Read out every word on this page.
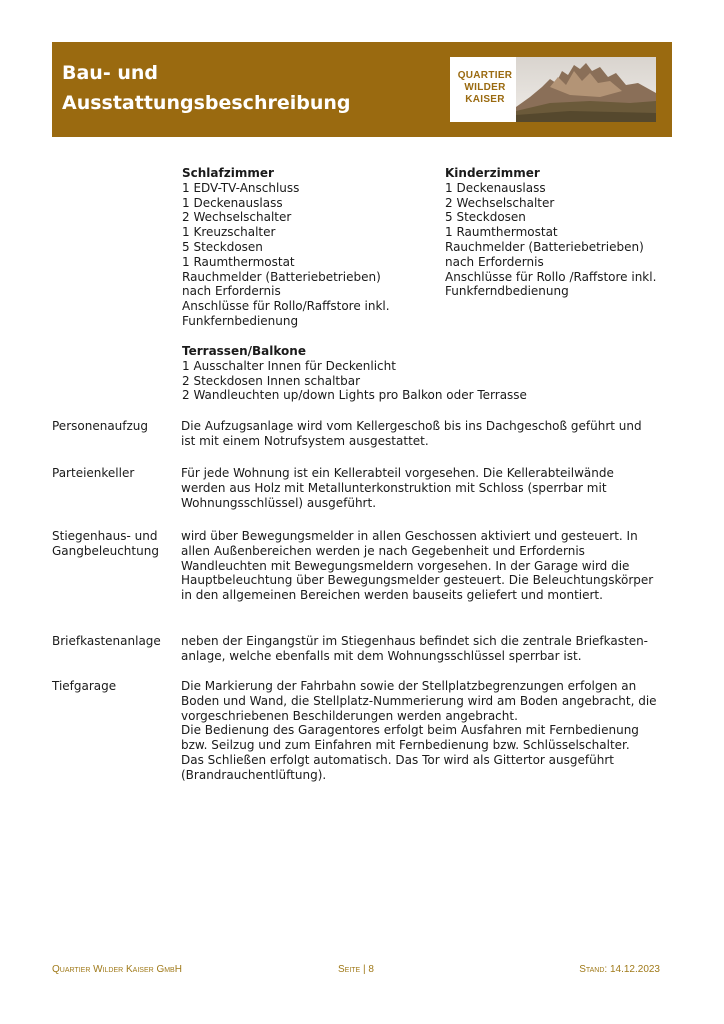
Bau- und
Ausstattungsbeschreibung
QUARTIER
WILDER
KAISER
Schlafzimmer
1 EDV-TV-Anschluss
1 Deckenauslass
2 Wechselschalter
1 Kreuzschalter
5 Steckdosen
1 Raumthermostat
Rauchmelder (Batteriebetrieben)
nach Erfordernis
Anschlüsse für Rollo/Raffstore inkl.
Funkfernbedienung
Kinderzimmer
1 Deckenauslass
2 Wechselschalter
5 Steckdosen
1 Raumthermostat
Rauchmelder (Batteriebetrieben)
nach Erfordernis
Anschlüsse für Rollo /Raffstore inkl.
Funkferndbedienung
Terrassen/Balkone
1 Ausschalter Innen für Deckenlicht
2 Steckdosen Innen schaltbar
2 Wandleuchten up/down Lights pro Balkon oder Terrasse
Personenaufzug	Die Aufzugsanlage wird vom Kellergeschoß bis ins Dachgeschoß geführt und
ist mit einem Notrufsystem ausgestattet.
Parteienkeller	Für jede Wohnung ist ein Kellerabteil vorgesehen. Die Kellerabteilwände
werden aus Holz mit Metallunterkonstruktion mit Schloss (sperrbar mit
Wohnungsschlüssel) ausgeführt.
Stiegenhaus- und
Gangbeleuchtung
wird über Bewegungsmelder in allen Geschossen aktiviert und gesteuert. In
allen Außenbereichen werden je nach Gegebenheit und Erfordernis
Wandleuchten mit Bewegungsmeldern vorgesehen. In der Garage wird die
Hauptbeleuchtung über Bewegungsmelder gesteuert. Die Beleuchtungskörper
in den allgemeinen Bereichen werden bauseits geliefert und montiert.
Briefkastenanlage neben der Eingangstür im Stiegenhaus befindet sich die zentrale Briefkasten-
anlage, welche ebenfalls mit dem Wohnungsschlüssel sperrbar ist.
Tiefgarage	Die Markierung der Fahrbahn sowie der Stellplatzbegrenzungen erfolgen an
Boden und Wand, die Stellplatz-Nummerierung wird am Boden angebracht, die
vorgeschriebenen Beschilderungen werden angebracht.
Die Bedienung des Garagentores erfolgt beim Ausfahren mit Fernbedienung
bzw. Seilzug und zum Einfahren mit Fernbedienung bzw. Schlüsselschalter.
Das Schließen erfolgt automatisch. Das Tor wird als Gittertor ausgeführt
(Brandrauchentlüftung).
Quartier Wilder Kaiser GmbH	Seite | 8	Stand: 14.12.2023
